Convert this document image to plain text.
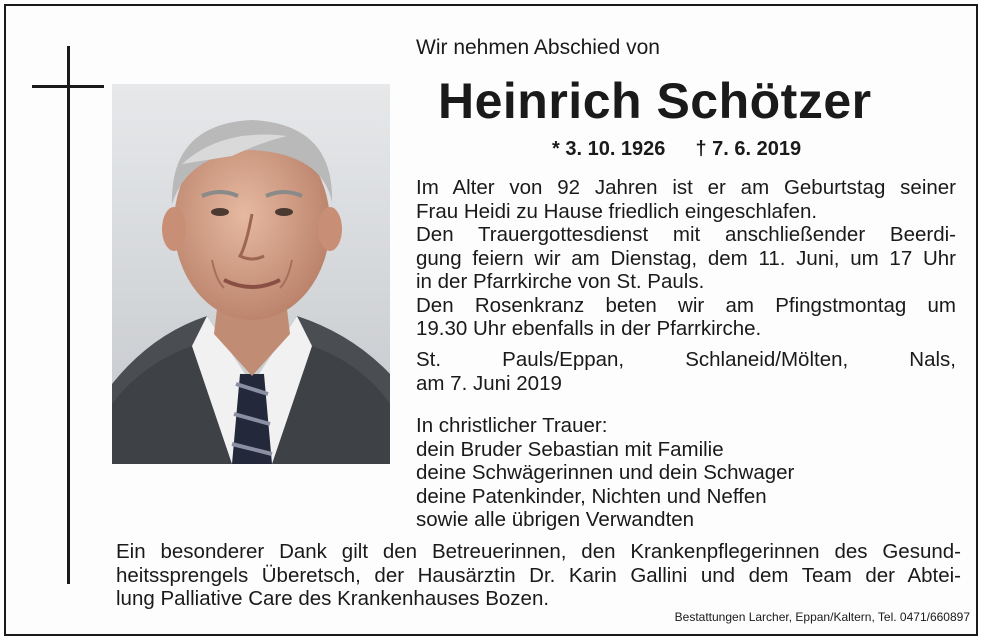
Wir nehmen Abschied von
Heinrich Schötzer
* 3. 10. 1926 † 7. 6. 2019

Im Alter von 92 Jahren ist er am Geburtstag seiner

Frau Heidi zu Hause friedlich eingeschlafen.

Den Trauergottesdienst mit anschließender Beerdi-

gung feiern wir am Dienstag, dem 11. Juni, um 17 Uhr

in der Pfarrkirche von St. Pauls.

Den Rosenkranz beten wir am Pfingstmontag um

19.30 Uhr ebenfalls in der Pfarrkirche.

St. Pauls/Eppan, Schlaneid/Mölten, Nals,

am 7. Juni 2019

In christlicher Trauer:

dein Bruder Sebastian mit Familie

deine Schwägerinnen und dein Schwager

deine Patenkinder, Nichten und Neffen

sowie alle übrigen Verwandten

Ein besonderer Dank gilt den Betreuerinnen, den Krankenpflegerinnen des Gesund-

heitssprengels Überetsch, der Hausärztin Dr. Karin Gallini und dem Team der Abtei-

lung Palliative Care des Krankenhauses Bozen.

Bestattungen Larcher, Eppan/Kaltern, Tel. 0471/660897
